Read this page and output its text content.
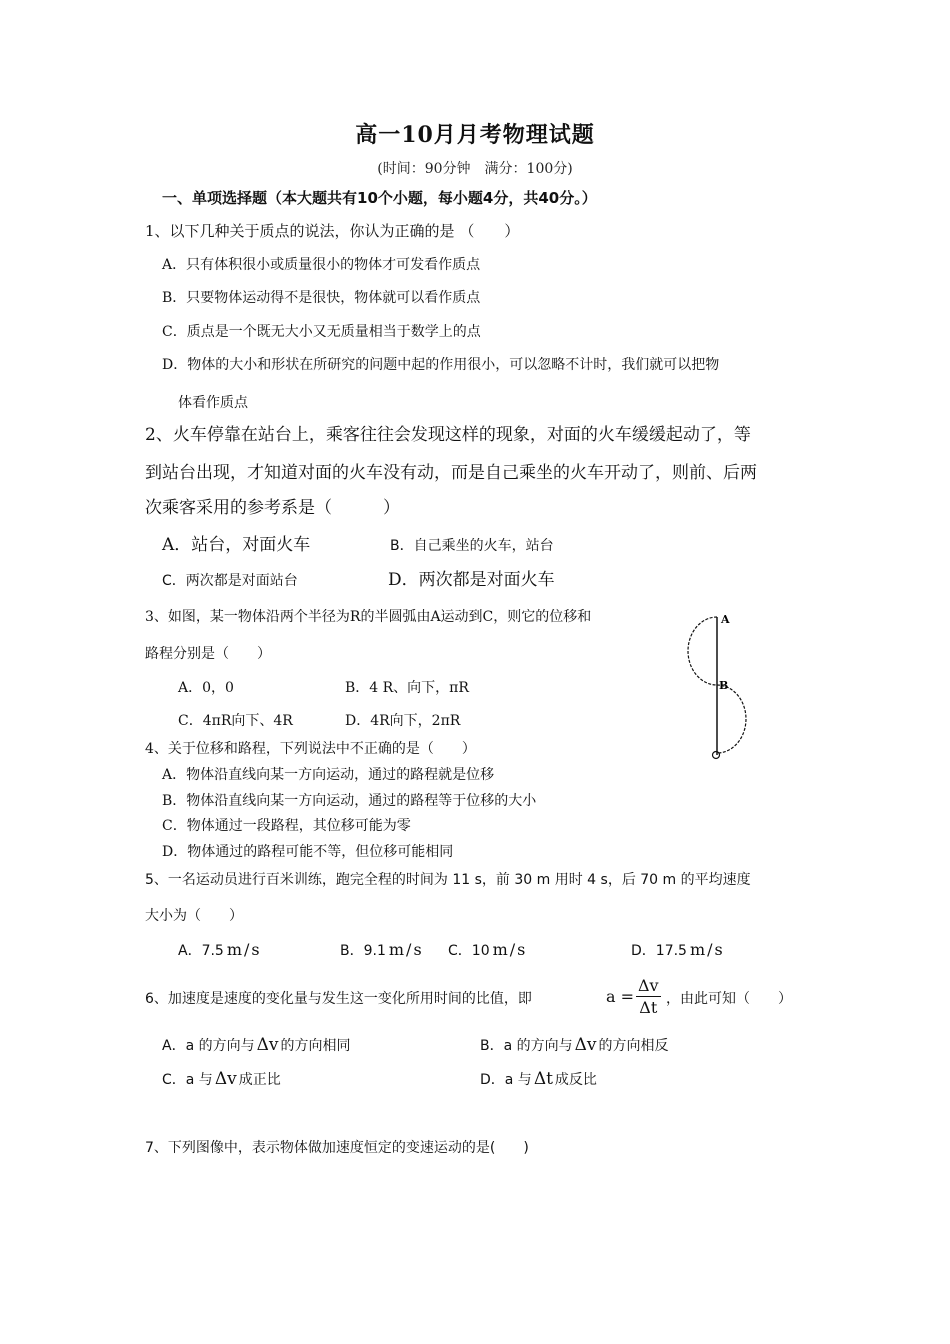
高一10月月考物理试题
(时间：90分钟　满分：100分)
一、单项选择题（本大题共有10个小题，每小题4分，共40分。）
1、以下几种关于质点的说法，你认为正确的是 （　　）
A．只有体积很小或质量很小的物体才可发看作质点
B．只要物体运动得不是很快，物体就可以看作质点
C．质点是一个既无大小又无质量相当于数学上的点
D．物体的大小和形状在所研究的问题中起的作用很小，可以忽略不计时，我们就可以把物
体看作质点
2、火车停靠在站台上，乘客往往会发现这样的现象，对面的火车缓缓起动了，等
到站台出现，才知道对面的火车没有动，而是自己乘坐的火车开动了，则前、后两
次乘客采用的参考系是（　　　）
A．站台，对面火车	B．自己乘坐的火车，站台
C．两次都是对面站台	D．两次都是对面火车
3、如图，某一物体沿两个半径为R的半圆弧由A运动到C，则它的位移和
路程分别是（　　）
A．0，0	B．4 R、向下，πR
C．4πR向下、4R	D．4R向下，2πR
A
B
4、关于位移和路程，下列说法中不正确的是（　　）
A．物体沿直线向某一方向运动，通过的路程就是位移
B．物体沿直线向某一方向运动，通过的路程等于位移的大小
C．物体通过一段路程，其位移可能为零
D．物体通过的路程可能不等，但位移可能相同
5、一名运动员进行百米训练，跑完全程的时间为 11 s，前 30 m 用时 4 s，后 70 m 的平均速度
大小为（　　）
A．7.5 m/s	B．9.1 m/s C．10 m/s	D．17.5 m/s
6、加速度是速度的变化量与发生这一变化所用时间的比值，即	$a = \frac{\Delta v}{\Delta t}$ ，由此可知（　　）
A．a 的方向与 Δv 的方向相同	B．a 的方向与 Δv 的方向相反
C．a 与 Δv 成正比	D．a 与 Δt 成反比
7、下列图像中，表示物体做加速度恒定的变速运动的是(　　)
